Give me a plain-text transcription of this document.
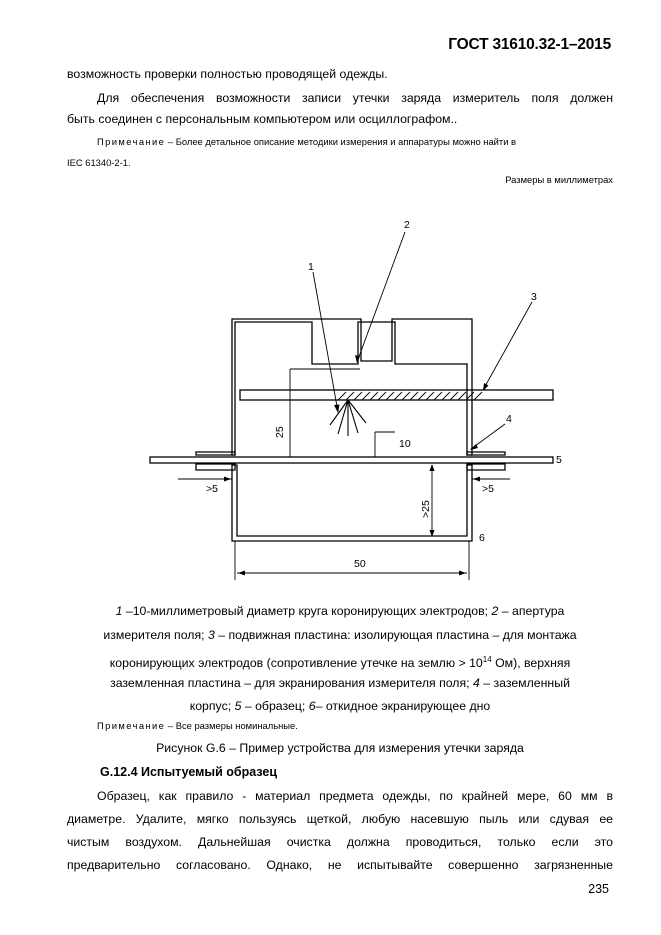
ГОСТ 31610.32-1–2015
возможность проверки полностью проводящей одежды.
Для обеспечения возможности записи утечки заряда измеритель поля должен
быть соединен с персональным компьютером или осциллографом..
Примечание – Более детальное описание методики измерения и аппаратуры можно найти в
IEC 61340-2-1.
Размеры в миллиметрах
1
2
3
4
5
6
25
10
>5	>5
>25
50
1 –10-миллиметровый диаметр круга коронирующих электродов; 2 – апертура
измерителя поля; 3 – подвижная пластина: изолирующая пластина – для монтажа
коронирующих электродов (сопротивление утечке на землю > $10^{14}$ Ом), верхняя
заземленная пластина – для экранирования измерителя поля; 4 – заземленный
корпус; 5 – образец; 6– откидное экранирующее дно
Примечание – Все размеры номинальные.
Рисунок G.6 – Пример устройства для измерения утечки заряда
G.12.4 Испытуемый образец
Образец, как правило - материал предмета одежды, по крайней мере, 60 мм в
диаметре. Удалите, мягко пользуясь щеткой, любую насевшую пыль или сдувая ее
чистым воздухом. Дальнейшая очистка должна проводиться, только если это
предварительно согласовано. Однако, не испытывайте совершенно загрязненные
235
